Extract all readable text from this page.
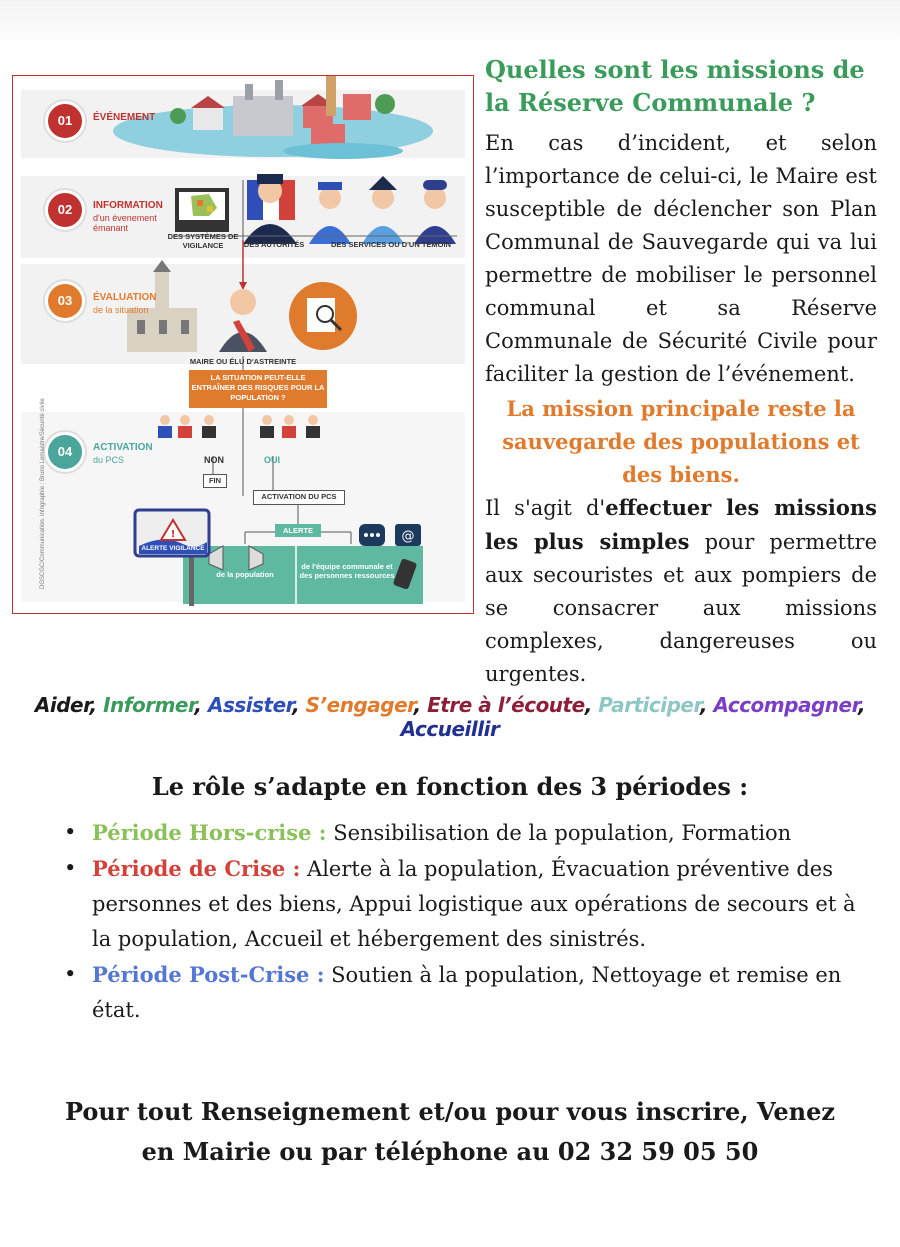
@
!
01	ÉVÉNEMENT
02	INFORMATION
d'un évenement émanant
03	ÉVALUATION
de la situation
04	ACTIVATION
du PCS
DES SYSTÈMES DE VIGILANCE	DES AUTORITÉS	DES SERVICES OU D'UN TÉMOIN
MAIRE OU ÉLU D'ASTREINTE
LA SITUATION PEUT-ELLE ENTRAÎNER DES RISQUES POUR LA POPULATION ?
NON	OUI
FIN
ACTIVATION DU PCS
ALERTE
ALERTE VIGILANCE
de la population
de l'équipe communale et des personnes ressources
DGSCGC/Communication. Infographie : Bruno Lemaistre/Sécurité civile
Quelles sont les missions de la Réserve Communale ?

En cas d’incident, et selon l’importance de celui-ci, le Maire est susceptible de déclencher son Plan Communal de Sauvegarde qui va lui permettre de mobiliser le personnel communal et sa Réserve Communale de Sécurité Civile pour faciliter la gestion de l’événement.

La mission principale reste la sauvegarde des populations et des biens.

Il s'agit d'effectuer les missions les plus simples pour permettre aux secouristes et aux pompiers de se consacrer aux missions complexes, dangereuses ou urgentes.

Aider, Informer, Assister, S’engager, Etre à l’écoute, Participer, Accompagner, Accueillir
Le rôle s’adapte en fonction des 3 périodes :
• Période Hors-crise : Sensibilisation de la population, Formation
• Période de Crise : Alerte à la population, Évacuation préventive des personnes et des biens, Appui logistique aux opérations de secours et à la population, Accueil et hébergement des sinistrés.
• Période Post-Crise : Soutien à la population, Nettoyage et remise en état.
Pour tout Renseignement et/ou pour vous inscrire, Venez
en Mairie ou par téléphone au 02 32 59 05 50
